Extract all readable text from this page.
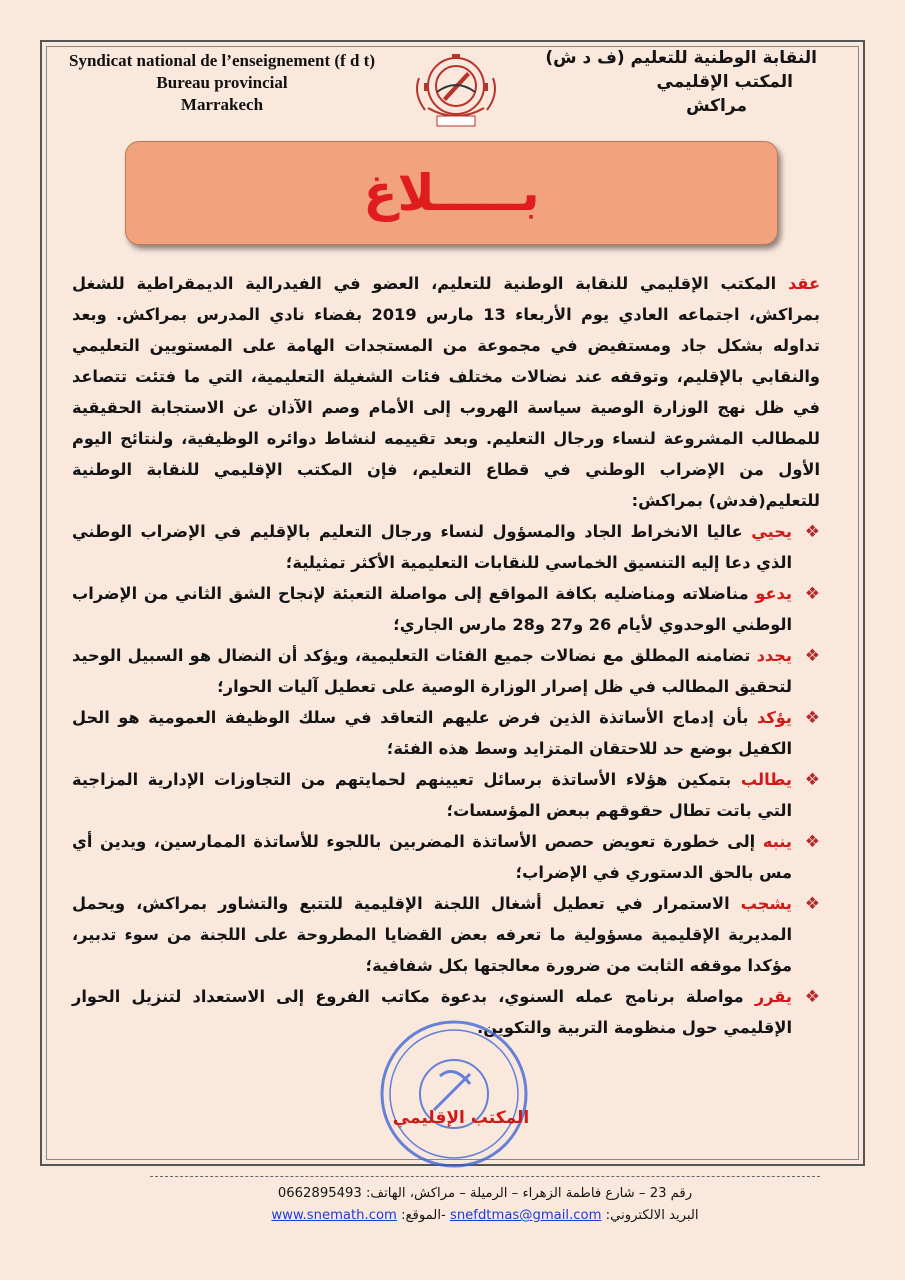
Syndicat national de l’enseignement (f d t)
Bureau provincial
Marrakech
النقابة الوطنية للتعليم (ف د ش)
المكتب الإقليمي
مراكش
بـــــلاغ

عقد المكتب الإقليمي للنقابة الوطنية للتعليم، العضو في الفيدرالية الديمقراطية للشغل بمراكش، اجتماعه العادي يوم الأربعاء 13 مارس 2019 بفضاء نادي المدرس بمراكش. وبعد تداوله بشكل جاد ومستفيض في مجموعة من المستجدات الهامة على المستويين التعليمي والنقابي بالإقليم، وتوقفه عند نضالات مختلف فئات الشغيلة التعليمية، التي ما فتئت تتصاعد في ظل نهج الوزارة الوصية سياسة الهروب إلى الأمام وصم الآذان عن الاستجابة الحقيقية للمطالب المشروعة لنساء ورجال التعليم. وبعد تقييمه لنشاط دوائره الوظيفية، ولنتائج اليوم الأول من الإضراب الوطني في قطاع التعليم، فإن المكتب الإقليمي للنقابة الوطنية للتعليم(فدش) بمراكش:

❖
يحيي عاليا الانخراط الجاد والمسؤول لنساء ورجال التعليم بالإقليم في الإضراب الوطني الذي دعا إليه التنسيق الخماسي للنقابات التعليمية الأكثر تمثيلية؛
❖
يدعو مناضلاته ومناضليه بكافة المواقع إلى مواصلة التعبئة لإنجاح الشق الثاني من الإضراب الوطني الوحدوي لأيام 26 و27 و28 مارس الجاري؛
❖
يجدد تضامنه المطلق مع نضالات جميع الفئات التعليمية، ويؤكد أن النضال هو السبيل الوحيد لتحقيق المطالب في ظل إصرار الوزارة الوصية على تعطيل آليات الحوار؛
❖
يؤكد بأن إدماج الأساتذة الذين فرض عليهم التعاقد في سلك الوظيفة العمومية هو الحل الكفيل بوضع حد للاحتقان المتزايد وسط هذه الفئة؛
❖
يطالب بتمكين هؤلاء الأساتذة برسائل تعيينهم لحمايتهم من التجاوزات الإدارية المزاجية التي باتت تطال حقوقهم ببعض المؤسسات؛
❖
ينبه إلى خطورة تعويض حصص الأساتذة المضربين باللجوء للأساتذة الممارسين، ويدين أي مس بالحق الدستوري في الإضراب؛
❖
يشجب الاستمرار في تعطيل أشغال اللجنة الإقليمية للتتبع والتشاور بمراكش، ويحمل المديرية الإقليمية مسؤولية ما تعرفه بعض القضايا المطروحة على اللجنة من سوء تدبير، مؤكدا موقفه الثابت من ضرورة معالجتها بكل شفافية؛
❖
يقرر مواصلة برنامج عمله السنوي، بدعوة مكاتب الفروع إلى الاستعداد لتنزيل الحوار الإقليمي حول منظومة التربية والتكوين.
المكتب الإقليمي
رقم 23 – شارع فاطمة الزهراء – الرميلة – مراكش، الهاتف: 0662895493
البريد الالكتروني: snefdtmas@gmail.com -الموقع: www.snemath.com
